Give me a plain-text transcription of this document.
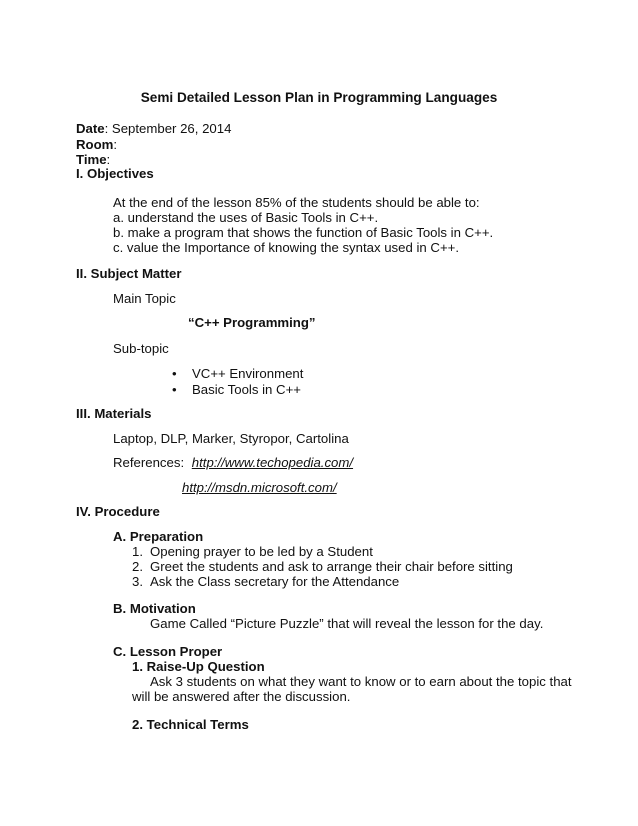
Semi Detailed Lesson Plan in Programming Languages
Date: September 26, 2014
Room:
Time:
I. Objectives
At the end of the lesson 85% of the students should be able to:
a. understand the uses of Basic Tools in C++.
b. make a program that shows the function of Basic Tools in C++.
c. value the Importance of knowing the syntax used in C++.
II. Subject Matter
Main Topic
“C++ Programming”
Sub-topic
• VC++ Environment
• Basic Tools in C++
III. Materials
Laptop, DLP, Marker, Styropor, Cartolina
References: http://www.techopedia.com/
http://msdn.microsoft.com/
IV. Procedure
A. Preparation
1. Opening prayer to be led by a Student
2. Greet the students and ask to arrange their chair before sitting
3. Ask the Class secretary for the Attendance
B. Motivation
Game Called “Picture Puzzle” that will reveal the lesson for the day.
C. Lesson Proper
1. Raise-Up Question
Ask 3 students on what they want to know or to earn about the topic that
will be answered after the discussion.
2. Technical Terms
